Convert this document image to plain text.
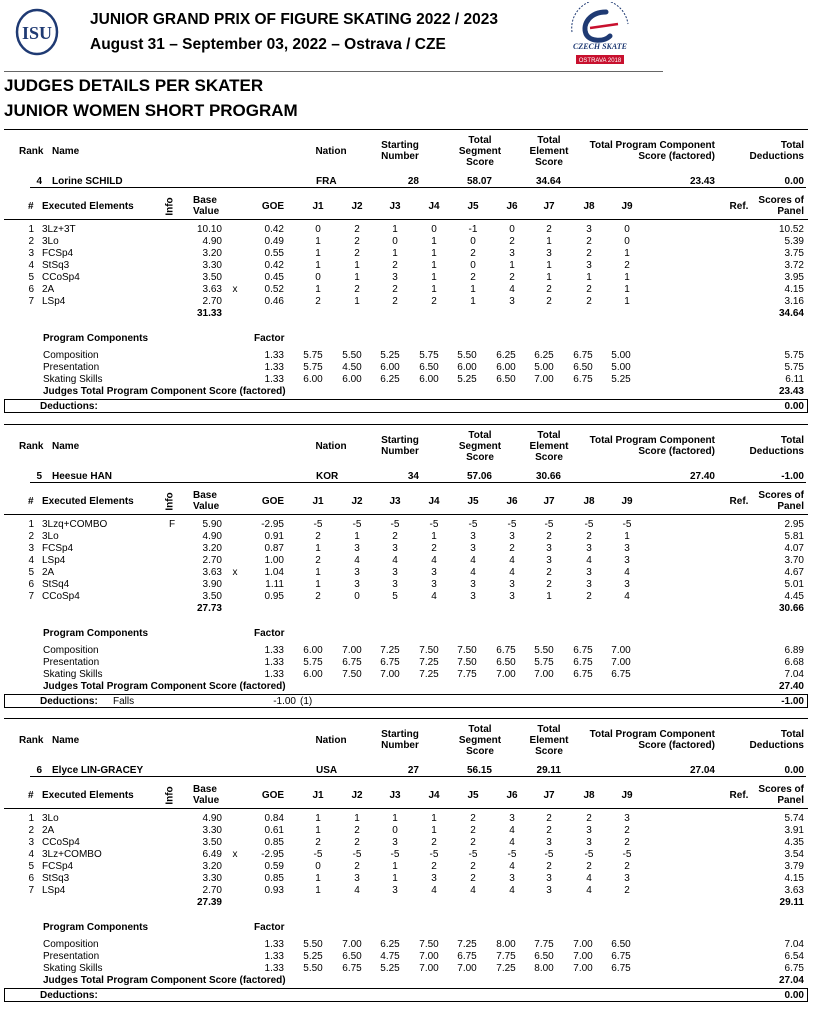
ISU
JUNIOR GRAND PRIX OF FIGURE SKATING 2022 / 2023
August 31 – September 03, 2022 – Ostrava / CZE	CZECH SKATE
OSTRAVA 2018
JUDGES DETAILS PER SKATER
JUNIOR WOMEN SHORT PROGRAM
Rank Name	Nation
Starting
Number
Total
Segment
Score
Total
Element
Score
Total Program Component
Score (factored)
Total
Deductions
4 Lorine SCHILD	FRA	28	58.07	34.64	23.43	0.00
# Executed Elements	Info Base
Value	GOE	J1	J2	J3	J4	J5	J6	J7	J8	J9	Ref.
Scores of
Panel
1 3Lz+3T	10.10	0.42	0	2	1	0	-1	0	2	3	0	10.52
2 3Lo	4.90	0.49	1	2	0	1	0	2	1	2	0	5.39
3 FCSp4	3.20	0.55	1	2	1	1	2	3	3	2	1	3.75
4 StSq3	3.30	0.42	1	1	2	1	0	1	1	3	2	3.72
5 CCoSp4	3.50	0.45	0	1	3	1	2	2	1	1	1	3.95
6 2A	3.63	x	0.52	1	2	2	1	1	4	2	2	1	4.15
7 LSp4	2.70	0.46	2	1	2	2	1	3	2	2	1	3.16
31.33	34.64
Program Components	Factor
Composition	1.33	5.75	5.50	5.25	5.75	5.50	6.25	6.25	6.75	5.00	5.75
Presentation	1.33	5.75	4.50	6.00	6.50	6.00	6.00	5.00	6.50	5.00	5.75
Skating Skills	1.33	6.00	6.00	6.25	6.00	5.25	6.50	7.00	6.75	5.25	6.11
Judges Total Program Component Score (factored)	23.43
Deductions:	0.00
Rank Name	Nation
Starting
Number
Total
Segment
Score
Total
Element
Score
Total Program Component
Score (factored)
Total
Deductions
5 Heesue HAN	KOR	34	57.06	30.66	27.40	-1.00
# Executed Elements	Info Base
Value	GOE	J1	J2	J3	J4	J5	J6	J7	J8	J9	Ref.
Scores of
Panel
1 3Lzq+COMBO	F	5.90	-2.95	-5	-5	-5	-5	-5	-5	-5	-5	-5	2.95
2 3Lo	4.90	0.91	2	1	2	1	3	3	2	2	1	5.81
3 FCSp4	3.20	0.87	1	3	3	2	3	2	3	3	3	4.07
4 LSp4	2.70	1.00	2	4	4	4	4	4	3	4	3	3.70
5 2A	3.63	x	1.04	1	3	3	3	4	4	2	3	4	4.67
6 StSq4	3.90	1.11	1	3	3	3	3	3	2	3	3	5.01
7 CCoSp4	3.50	0.95	2	0	5	4	3	3	1	2	4	4.45
27.73	30.66
Program Components	Factor
Composition	1.33	6.00	7.00	7.25	7.50	7.50	6.75	5.50	6.75	7.00	6.89
Presentation	1.33	5.75	6.75	6.75	7.25	7.50	6.50	5.75	6.75	7.00	6.68
Skating Skills	1.33	6.00	7.50	7.00	7.25	7.75	7.00	7.00	6.75	6.75	7.04
Judges Total Program Component Score (factored)	27.40
Deductions: Falls	-1.00 (1)	-1.00
Rank Name	Nation
Starting
Number
Total
Segment
Score
Total
Element
Score
Total Program Component
Score (factored)
Total
Deductions
6 Elyce LIN-GRACEY	USA	27	56.15	29.11	27.04	0.00
# Executed Elements	Info Base
Value	GOE	J1	J2	J3	J4	J5	J6	J7	J8	J9	Ref.
Scores of
Panel
1 3Lo	4.90	0.84	1	1	1	1	2	3	2	2	3	5.74
2 2A	3.30	0.61	1	2	0	1	2	4	2	3	2	3.91
3 CCoSp4	3.50	0.85	2	2	3	2	2	4	3	3	2	4.35
4 3Lz+COMBO	6.49	x	-2.95	-5	-5	-5	-5	-5	-5	-5	-5	-5	3.54
5 FCSp4	3.20	0.59	0	2	1	2	2	4	2	2	2	3.79
6 StSq3	3.30	0.85	1	3	1	3	2	3	3	4	3	4.15
7 LSp4	2.70	0.93	1	4	3	4	4	4	3	4	2	3.63
27.39	29.11
Program Components	Factor
Composition	1.33	5.50	7.00	6.25	7.50	7.25	8.00	7.75	7.00	6.50	7.04
Presentation	1.33	5.25	6.50	4.75	7.00	6.75	7.75	6.50	7.00	6.75	6.54
Skating Skills	1.33	5.50	6.75	5.25	7.00	7.00	7.25	8.00	7.00	6.75	6.75
Judges Total Program Component Score (factored)	27.04
Deductions:	0.00
